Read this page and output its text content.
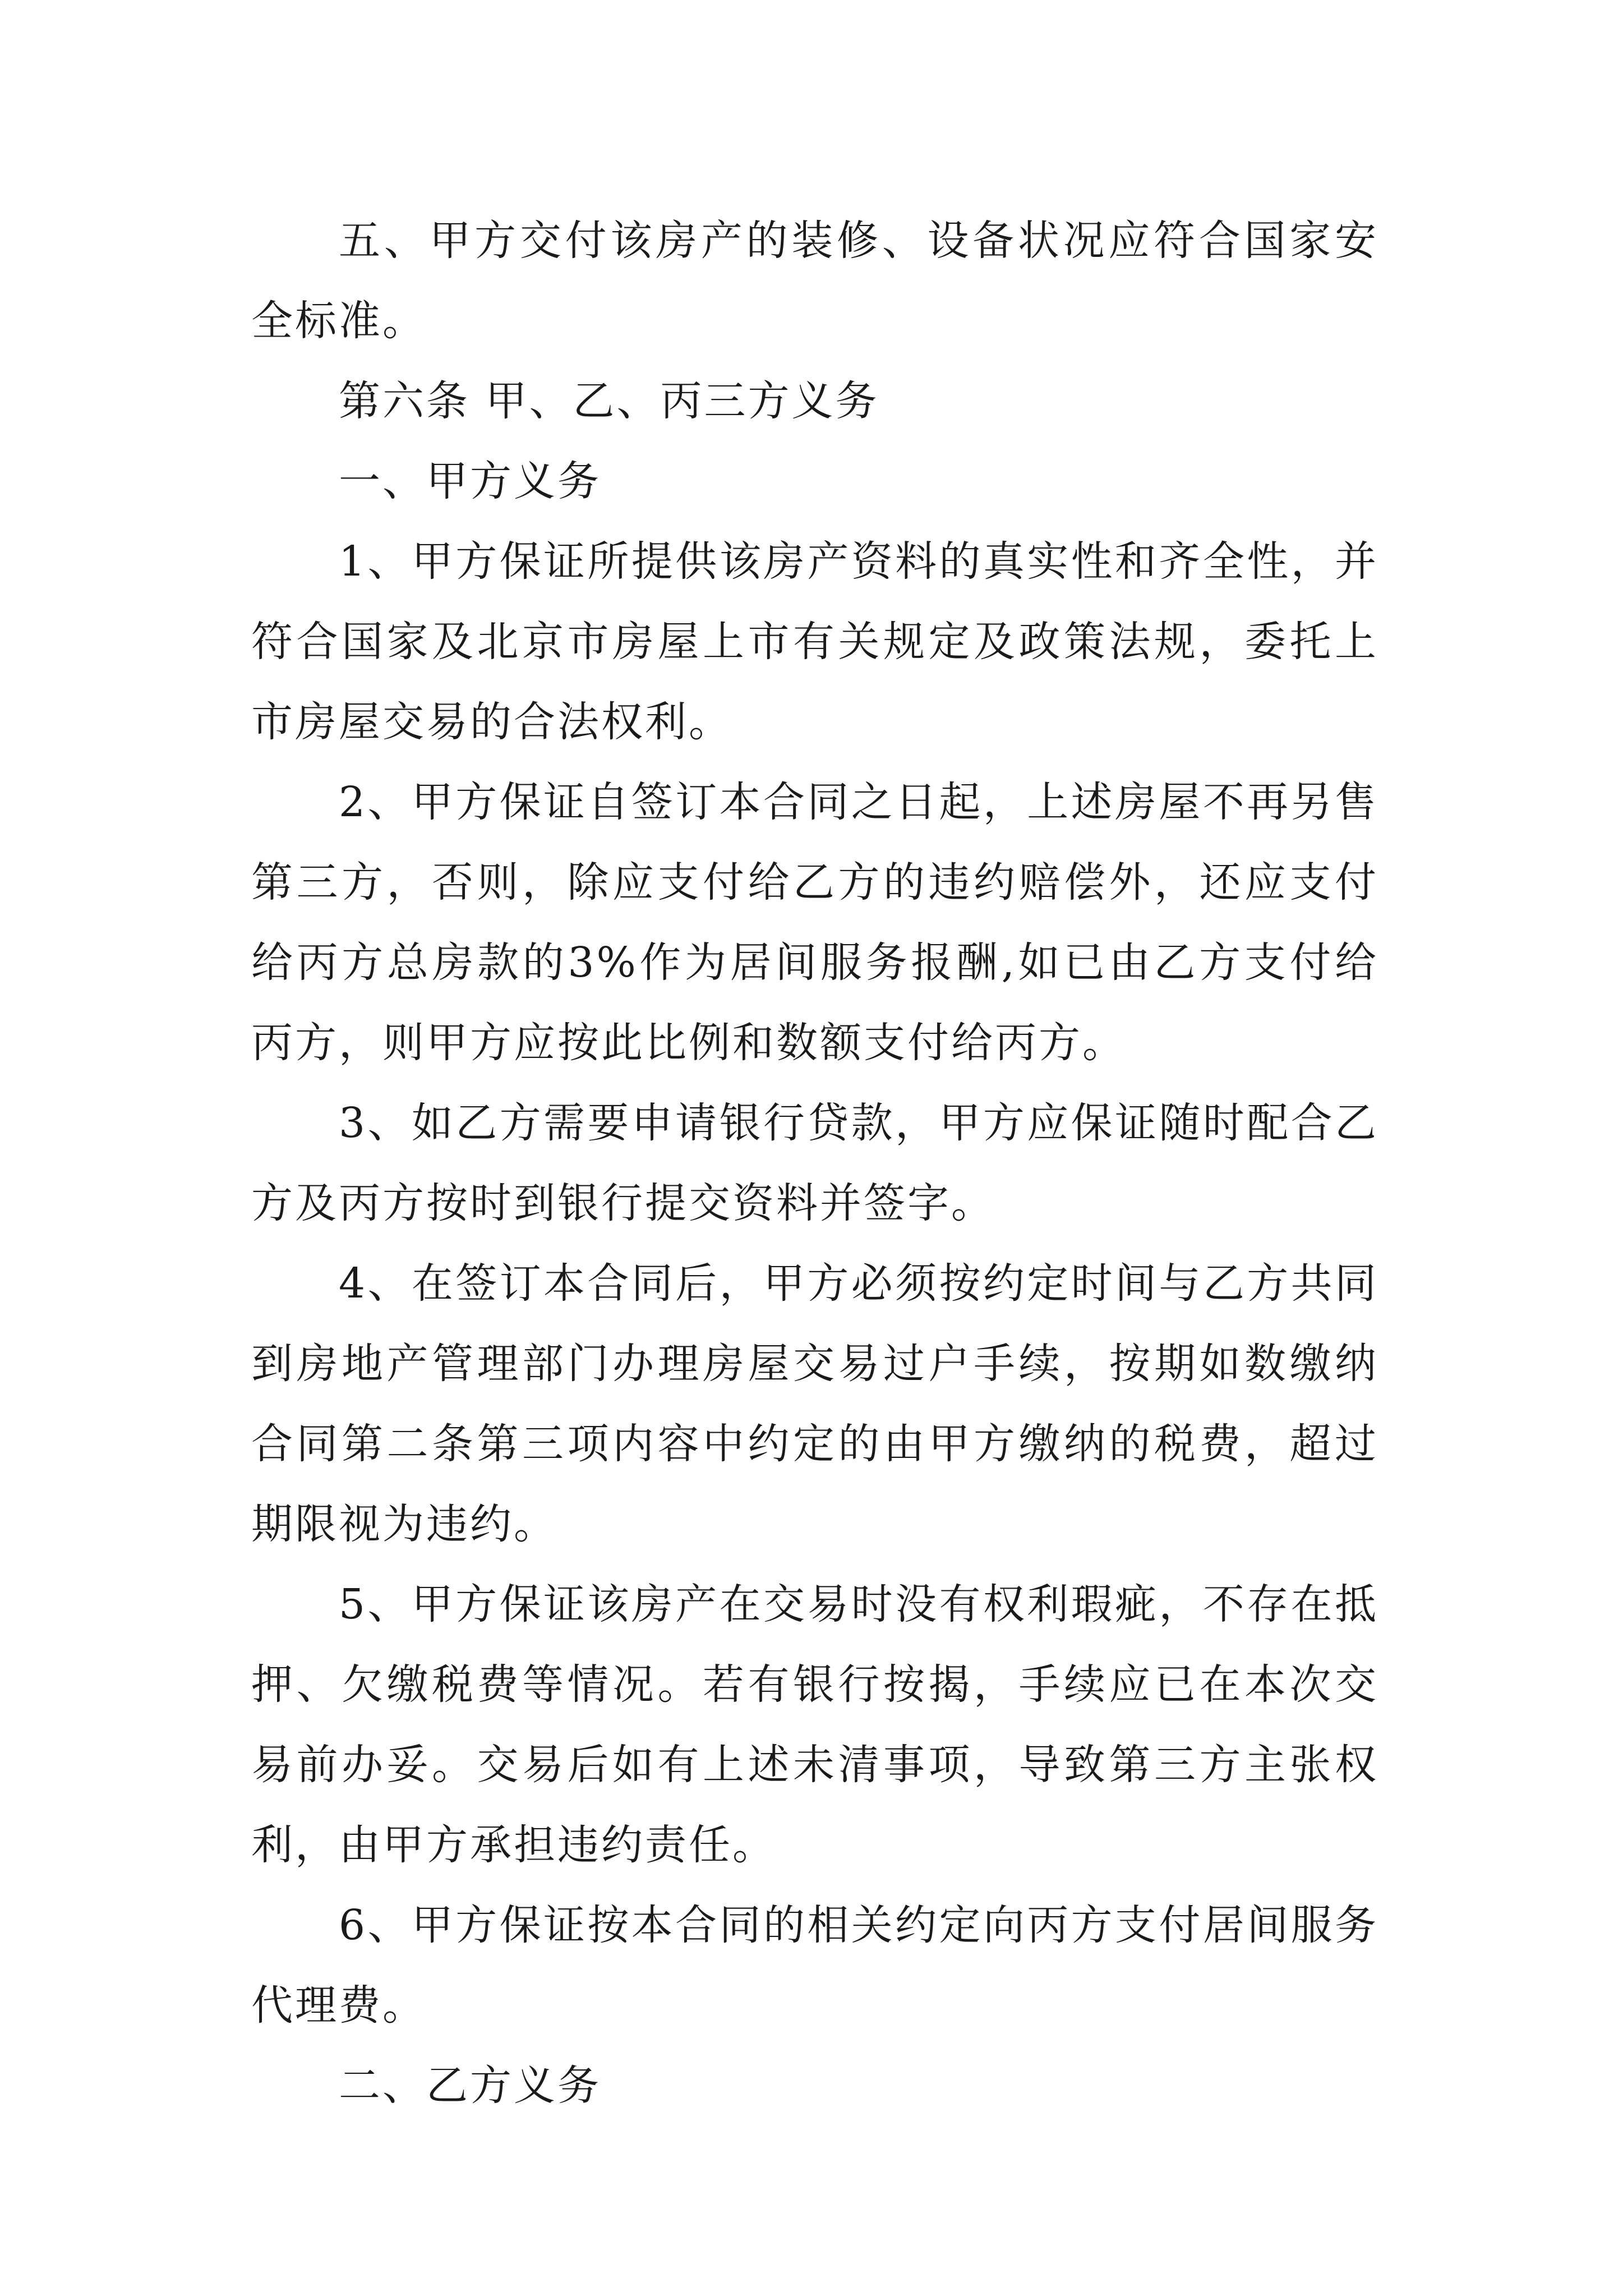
五、甲方交付该房产的装修、设备状况应符合国家安全标准。

第六条 甲、乙、丙三方义务

一、甲方义务

1、甲方保证所提供该房产资料的真实性和齐全性，并符合国家及北京市房屋上市有关规定及政策法规，委托上市房屋交易的合法权利。

2、甲方保证自签订本合同之日起，上述房屋不再另售第三方，否则，除应支付给乙方的违约赔偿外，还应支付给丙方总房款的3%作为居间服务报酬,如已由乙方支付给丙方，则甲方应按此比例和数额支付给丙方。

3、如乙方需要申请银行贷款，甲方应保证随时配合乙方及丙方按时到银行提交资料并签字。

4、在签订本合同后，甲方必须按约定时间与乙方共同到房地产管理部门办理房屋交易过户手续，按期如数缴纳合同第二条第三项内容中约定的由甲方缴纳的税费，超过期限视为违约。

5、甲方保证该房产在交易时没有权利瑕疵，不存在抵押、欠缴税费等情况。若有银行按揭，手续应已在本次交易前办妥。交易后如有上述未清事项，导致第三方主张权利，由甲方承担违约责任。

6、甲方保证按本合同的相关约定向丙方支付居间服务代理费。

二、乙方义务
